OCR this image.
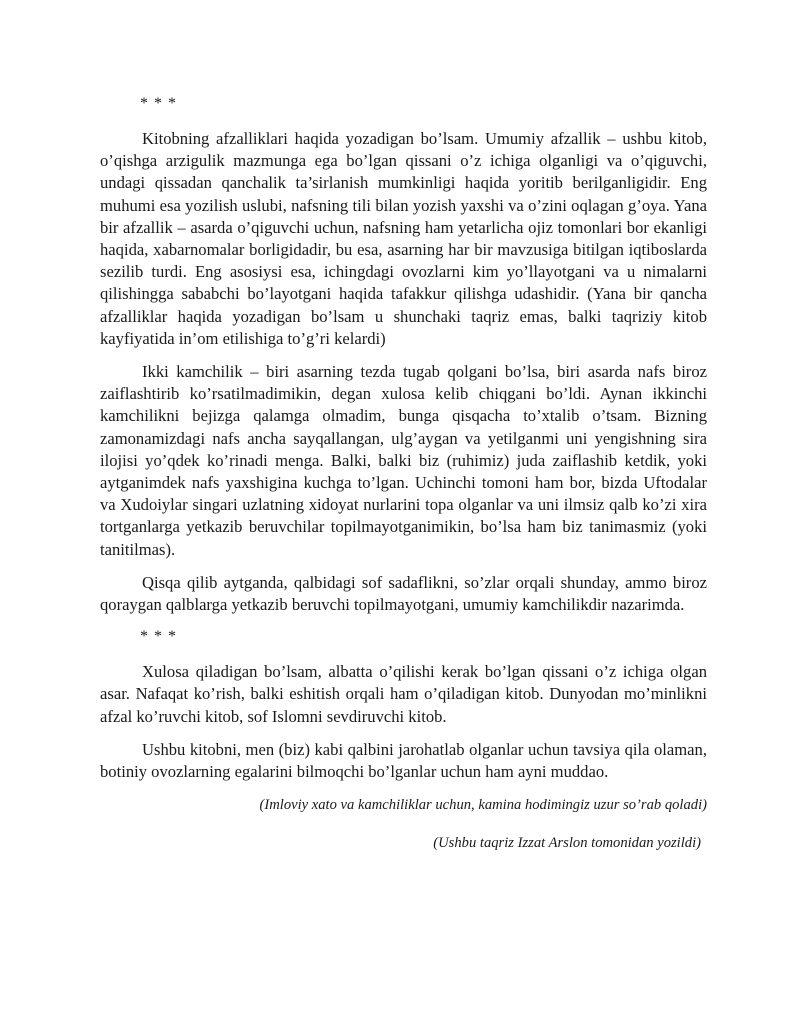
* * *

Kitobning afzalliklari haqida yozadigan bo’lsam. Umumiy afzallik – ushbu kitob, o’qishga arzigulik mazmunga ega bo’lgan qissani o’z ichiga olganligi va o’qiguvchi, undagi qissadan qanchalik ta’sirlanish mumkinligi haqida yoritib berilganligidir. Eng muhumi esa yozilish uslubi, nafsning tili bilan yozish yaxshi va o’zini oqlagan g’oya. Yana bir afzallik – asarda o’qiguvchi uchun, nafsning ham yetarlicha ojiz tomonlari bor ekanligi haqida, xabarnomalar borligidadir, bu esa, asarning har bir mavzusiga bitilgan iqtiboslarda sezilib turdi. Eng asosiysi esa, ichingdagi ovozlarni kim yo’llayotgani va u nimalarni qilishingga sababchi bo’layotgani haqida tafakkur qilishga udashidir. (Yana bir qancha afzalliklar haqida yozadigan bo’lsam u shunchaki taqriz emas, balki taqriziy kitob kayfiyatida in’om etilishiga to’g’ri kelardi)

Ikki kamchilik – biri asarning tezda tugab qolgani bo’lsa, biri asarda nafs biroz zaiflashtirib ko’rsatilmadimikin, degan xulosa kelib chiqgani bo’ldi. Aynan ikkinchi kamchilikni bejizga qalamga olmadim, bunga qisqacha to’xtalib o’tsam. Bizning zamonamizdagi nafs ancha sayqallangan, ulg’aygan va yetilganmi uni yengishning sira ilojisi yo’qdek ko’rinadi menga. Balki, balki biz (ruhimiz) juda zaiflashib ketdik, yoki aytganimdek nafs yaxshigina kuchga to’lgan. Uchinchi tomoni ham bor, bizda Uftodalar va Xudoiylar singari uzlatning xidoyat nurlarini topa olganlar va uni ilmsiz qalb ko’zi xira tortganlarga yetkazib beruvchilar topilmayotganimikin, bo’lsa ham biz tanimasmiz (yoki tanitilmas).

Qisqa qilib aytganda, qalbidagi sof sadaflikni, so’zlar orqali shunday, ammo biroz qoraygan qalblarga yetkazib beruvchi topilmayotgani, umumiy kamchilikdir nazarimda.

* * *

Xulosa qiladigan bo’lsam, albatta o’qilishi kerak bo’lgan qissani o’z ichiga olgan asar. Nafaqat ko’rish, balki eshitish orqali ham o’qiladigan kitob. Dunyodan mo’minlikni afzal ko’ruvchi kitob, sof Islomni sevdiruvchi kitob.

Ushbu kitobni, men (biz) kabi qalbini jarohatlab olganlar uchun tavsiya qila olaman, botiniy ovozlarning egalarini bilmoqchi bo’lganlar uchun ham ayni muddao.

(Imloviy xato va kamchiliklar uchun, kamina hodimingiz uzur so’rab qoladi)
(Ushbu taqriz Izzat Arslon tomonidan yozildi)
